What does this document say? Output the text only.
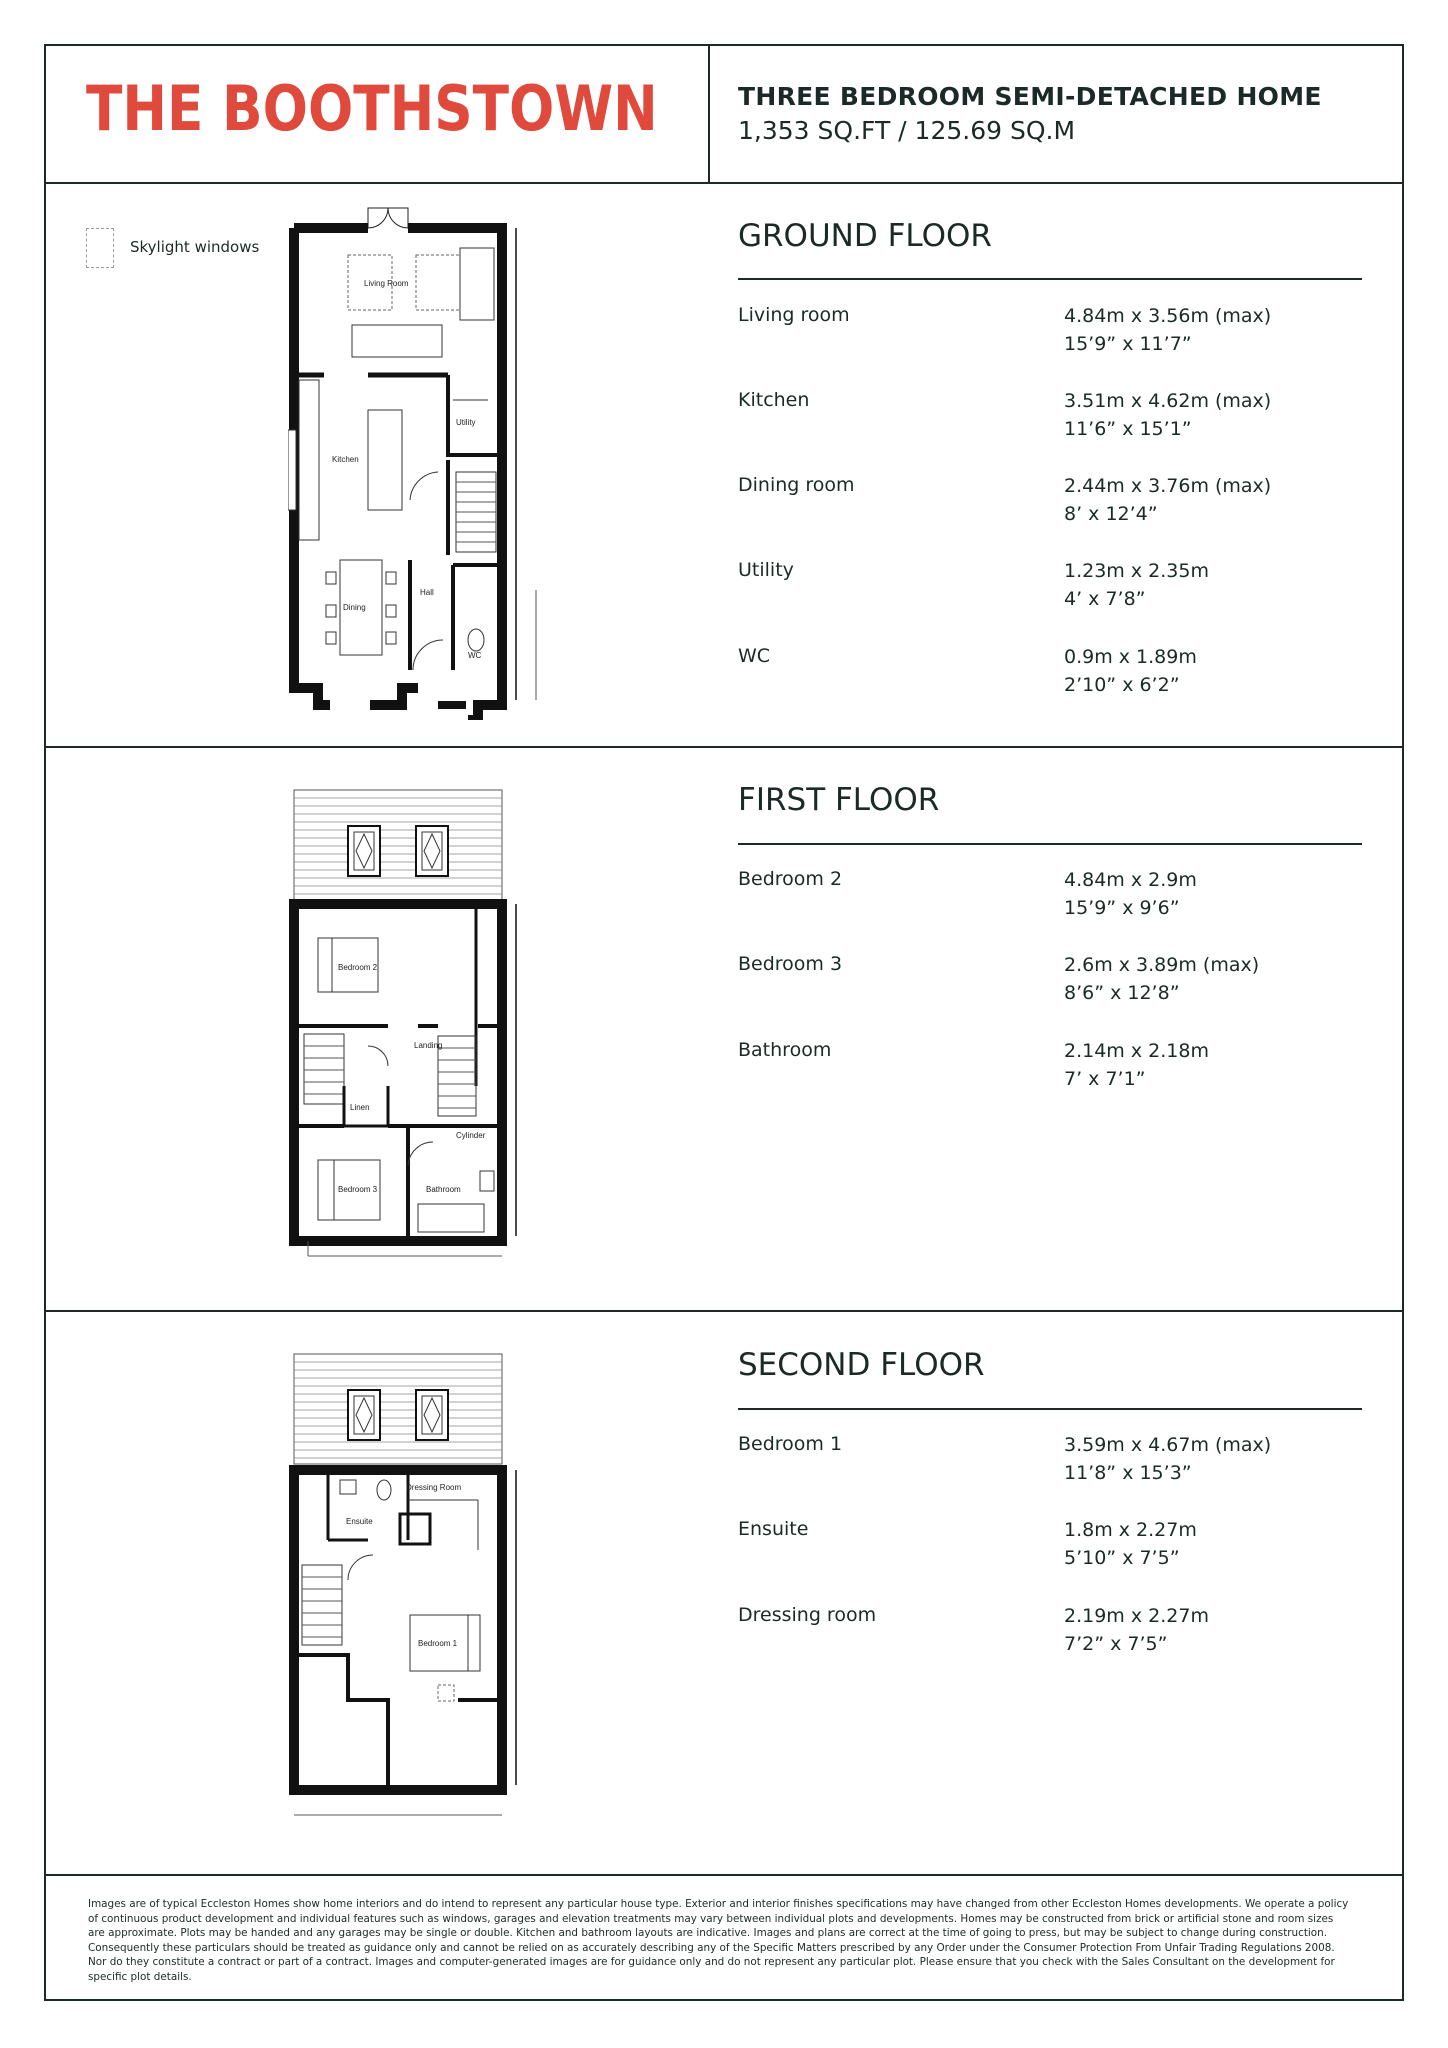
THE BOOTHSTOWN	THREE BEDROOM SEMI-DETACHED HOME
1,353 SQ.FT / 125.69 SQ.M
Skylight windows
Living Room
Kitchen
Utility
Dining
Hall
WC
Bedroom 2
Landing
Linen
Cylinder
Bedroom 3	Bathroom
Dressing Room
Ensuite
Bedroom 1
GROUND FLOOR
Living room	4.84m x 3.56m (max)
15’9” x 11’7”
Kitchen	3.51m x 4.62m (max)
11’6” x 15’1”
Dining room	2.44m x 3.76m (max)
8’ x 12’4”
Utility	1.23m x 2.35m
4’ x 7’8”
WC	0.9m x 1.89m
2’10” x 6’2”
FIRST FLOOR
Bedroom 2	4.84m x 2.9m
15’9” x 9’6”
Bedroom 3	2.6m x 3.89m (max)
8’6” x 12’8”
Bathroom	2.14m x 2.18m
7’ x 7’1”
SECOND FLOOR
Bedroom 1	3.59m x 4.67m (max)
11’8” x 15’3”
Ensuite	1.8m x 2.27m
5’10” x 7’5”
Dressing room	2.19m x 2.27m
7’2” x 7’5”
Images are of typical Eccleston Homes show home interiors and do intend to represent any particular house type. Exterior and interior finishes specifications may have changed from other Eccleston Homes developments. We operate a policy of continuous product development and individual features such as windows, garages and elevation treatments may vary between individual plots and developments. Homes may be constructed from brick or artificial stone and room sizes are approximate. Plots may be handed and any garages may be single or double. Kitchen and bathroom layouts are indicative. Images and plans are correct at the time of going to press, but may be subject to change during construction. Consequently these particulars should be treated as guidance only and cannot be relied on as accurately describing any of the Specific Matters prescribed by any Order under the Consumer Protection From Unfair Trading Regulations 2008. Nor do they constitute a contract or part of a contract. Images and computer-generated images are for guidance only and do not represent any particular plot. Please ensure that you check with the Sales Consultant on the development for specific plot details.
